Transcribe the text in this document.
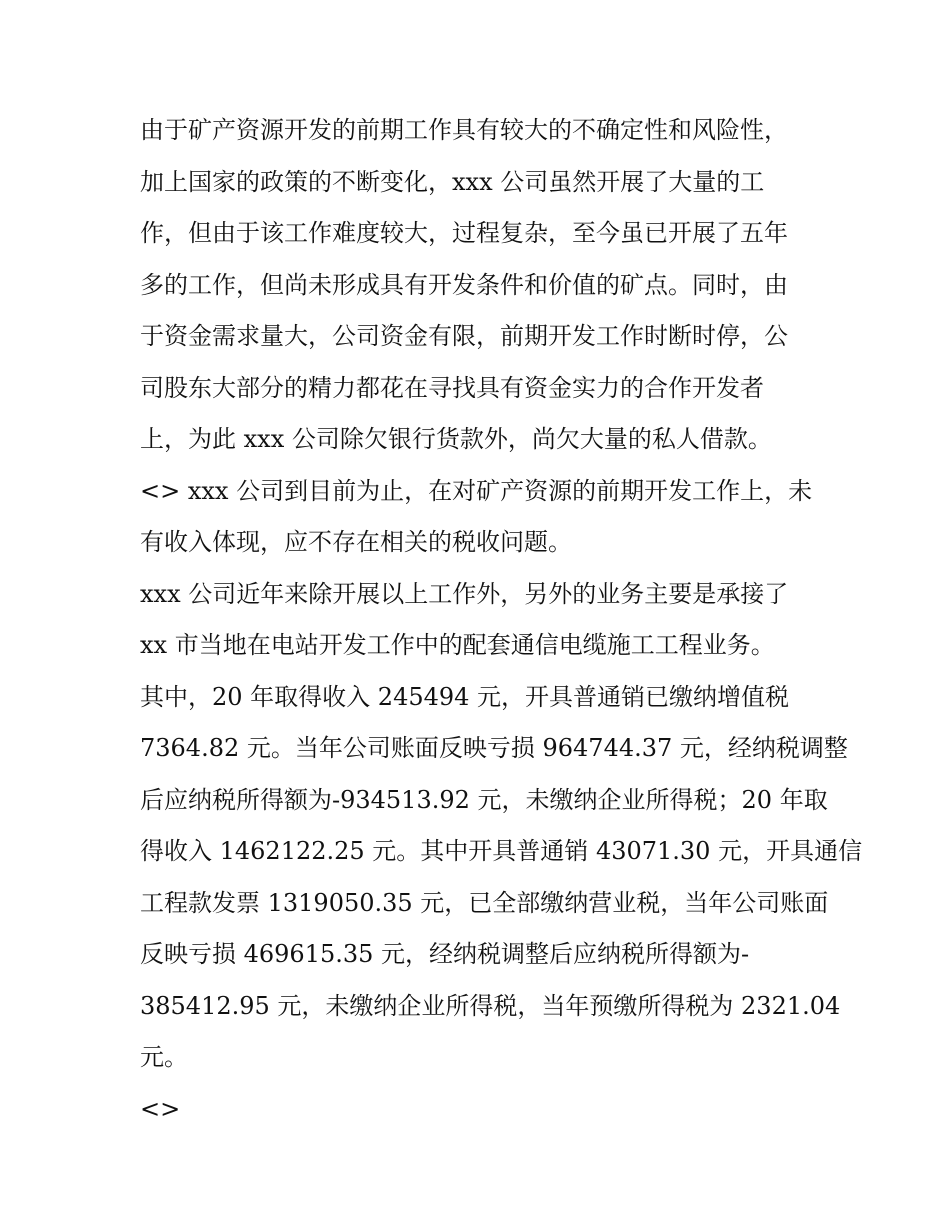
由于矿产资源开发的前期工作具有较大的不确定性和风险性，
加上国家的政策的不断变化，xxx 公司虽然开展了大量的工
作，但由于该工作难度较大，过程复杂，至今虽已开展了五年
多的工作，但尚未形成具有开发条件和价值的矿点。同时，由
于资金需求量大，公司资金有限，前期开发工作时断时停，公
司股东大部分的精力都花在寻找具有资金实力的合作开发者
上，为此 xxx 公司除欠银行货款外，尚欠大量的私人借款。
<> xxx 公司到目前为止，在对矿产资源的前期开发工作上，未
有收入体现，应不存在相关的税收问题。
xxx 公司近年来除开展以上工作外，另外的业务主要是承接了
xx 市当地在电站开发工作中的配套通信电缆施工工程业务。
其中，20 年取得收入 245494 元，开具普通销已缴纳增值税
7364.82 元。当年公司账面反映亏损 964744.37 元，经纳税调整
后应纳税所得额为-934513.92 元，未缴纳企业所得税；20 年取
得收入 1462122.25 元。其中开具普通销 43071.30 元，开具通信
工程款发票 1319050.35 元，已全部缴纳营业税，当年公司账面
反映亏损 469615.35 元，经纳税调整后应纳税所得额为-
385412.95 元，未缴纳企业所得税，当年预缴所得税为 2321.04
元。
<>
